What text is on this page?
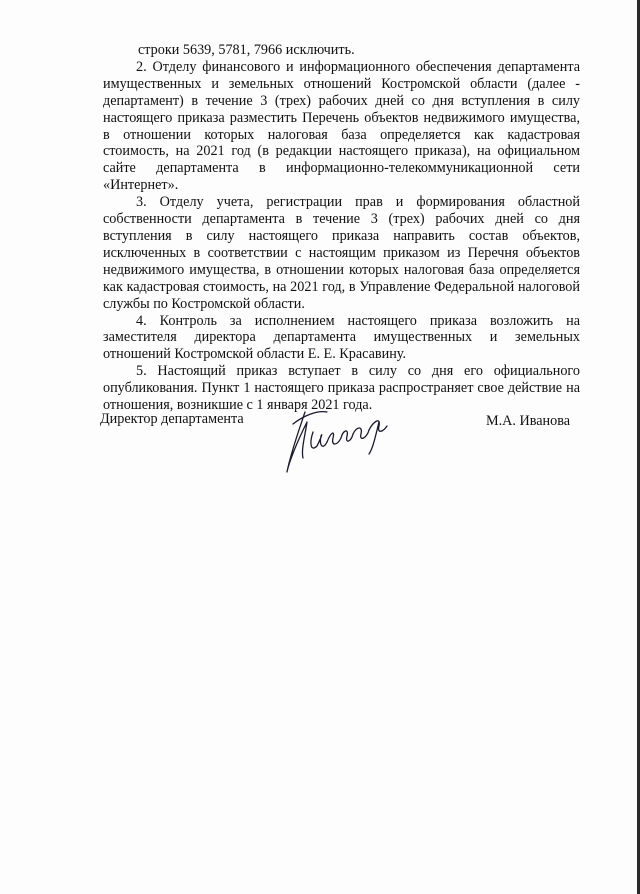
строки 5639, 5781, 7966 исключить.

2. Отделу финансового и информационного обеспечения департамента имущественных и земельных отношений Костромской области (далее - департамент) в течение 3 (трех) рабочих дней со дня вступления в силу настоящего приказа разместить Перечень объектов недвижимого имущества, в отношении которых налоговая база определяется как кадастровая стоимость, на 2021 год (в редакции настоящего приказа), на официальном сайте департамента в информационно-телекоммуникационной сети «Интернет».

3. Отделу учета, регистрации прав и формирования областной собственности департамента в течение 3 (трех) рабочих дней со дня вступления в силу настоящего приказа направить состав объектов, исключенных в соответствии с настоящим приказом из Перечня объектов недвижимого имущества, в отношении которых налоговая база определяется как кадастровая стоимость, на 2021 год, в Управление Федеральной налоговой службы по Костромской области.

4. Контроль за исполнением настоящего приказа возложить на заместителя директора департамента имущественных и земельных отношений Костромской области Е. Е. Красавину.

5. Настоящий приказ вступает в силу со дня его официального опубликования. Пункт 1 настоящего приказа распространяет свое действие на отношения, возникшие с 1 января 2021 года.

Директор департамента	М.А. Иванова
